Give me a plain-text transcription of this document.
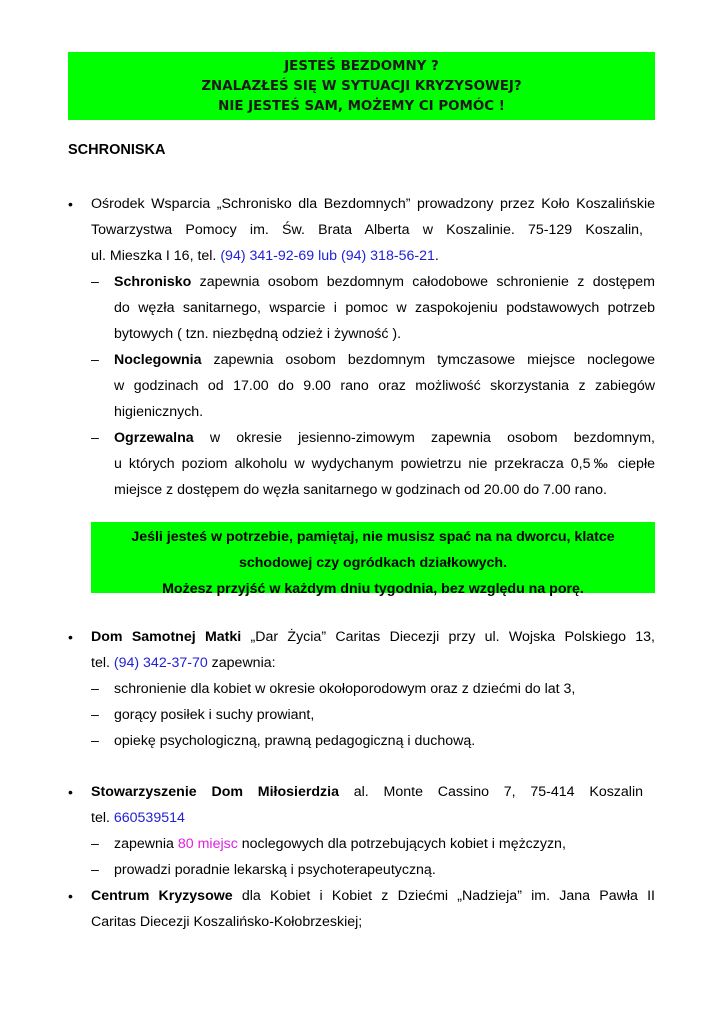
JESTEŚ BEZDOMNY ?
ZNALAZŁEŚ SIĘ W SYTUACJI KRYZYSOWEJ?
NIE JESTEŚ SAM, MOŻEMY CI POMÓC !
SCHRONISKA
• Ośrodek Wsparcia „Schronisko dla Bezdomnych” prowadzony przez Koło Koszalińskie
Towarzystwa Pomocy im. Św. Brata Alberta w Koszalinie. 75-129 Koszalin,
ul. Mieszka I 16, tel. (94) 341-92-69 lub (94) 318-56-21.
– Schronisko zapewnia osobom bezdomnym całodobowe schronienie z dostępem
do węzła sanitarnego, wsparcie i pomoc w zaspokojeniu podstawowych potrzeb
bytowych ( tzn. niezbędną odzież i żywność ).
– Noclegownia zapewnia osobom bezdomnym tymczasowe miejsce noclegowe
w godzinach od 17.00 do 9.00 rano oraz możliwość skorzystania z zabiegów
higienicznych.
– Ogrzewalna w okresie jesienno-zimowym zapewnia osobom bezdomnym,
u których poziom alkoholu w wydychanym powietrzu nie przekracza 0,5‰ ciepłe
miejsce z dostępem do węzła sanitarnego w godzinach od 20.00 do 7.00 rano.
Jeśli jesteś w potrzebie, pamiętaj, nie musisz spać na na dworcu, klatce
schodowej czy ogródkach działkowych.
Możesz przyjść w każdym dniu tygodnia, bez względu na porę.
• Dom Samotnej Matki „Dar Życia” Caritas Diecezji przy ul. Wojska Polskiego 13,
tel. (94) 342-37-70 zapewnia:
– schronienie dla kobiet w okresie okołoporodowym oraz z dziećmi do lat 3,
– gorący posiłek i suchy prowiant,
– opiekę psychologiczną, prawną pedagogiczną i duchową.
• Stowarzyszenie Dom Miłosierdzia al. Monte Cassino 7, 75-414 Koszalin
tel. 660539514
– zapewnia 80 miejsc noclegowych dla potrzebujących kobiet i mężczyzn,
– prowadzi poradnie lekarską i psychoterapeutyczną.
• Centrum Kryzysowe dla Kobiet i Kobiet z Dziećmi „Nadzieja” im. Jana Pawła II
Caritas Diecezji Koszalińsko-Kołobrzeskiej;
